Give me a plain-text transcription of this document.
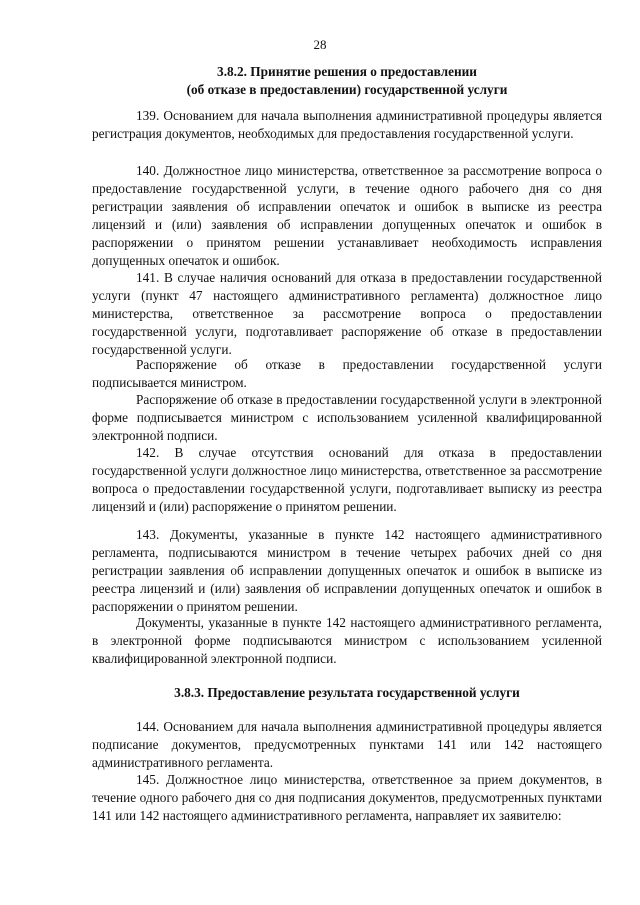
28
3.8.2. Принятие решения о предоставлении
(об отказе в предоставлении) государственной услуги

139. Основанием для начала выполнения административной процедуры является регистрация документов, необходимых для предоставления государственной услуги.

140. Должностное лицо министерства, ответственное за рассмотрение вопроса о предоставление государственной услуги, в течение одного рабочего дня со дня регистрации заявления об исправлении опечаток и ошибок в выписке из реестра лицензий и (или) заявления об исправлении допущенных опечаток и ошибок в распоряжении о принятом решении устанавливает необходимость исправления допущенных опечаток и ошибок.

141. В случае наличия оснований для отказа в предоставлении государственной услуги (пункт 47 настоящего административного регламента) должностное лицо министерства, ответственное за рассмотрение вопроса о предоставлении государственной услуги, подготавливает распоряжение об отказе в предоставлении государственной услуги.

Распоряжение об отказе в предоставлении государственной услуги подписывается министром.

Распоряжение об отказе в предоставлении государственной услуги в электронной форме подписывается министром с использованием усиленной квалифицированной электронной подписи.

142. В случае отсутствия оснований для отказа в предоставлении государственной услуги должностное лицо министерства, ответственное за рассмотрение вопроса о предоставлении государственной услуги, подготавливает выписку из реестра лицензий и (или) распоряжение о принятом решении.

143. Документы, указанные в пункте 142 настоящего административного регламента, подписываются министром в течение четырех рабочих дней со дня регистрации заявления об исправлении допущенных опечаток и ошибок в выписке из реестра лицензий и (или) заявления об исправлении допущенных опечаток и ошибок в распоряжении о принятом решении.

Документы, указанные в пункте 142 настоящего административного регламента, в электронной форме подписываются министром с использованием усиленной квалифицированной электронной подписи.

3.8.3. Предоставление результата государственной услуги

144. Основанием для начала выполнения административной процедуры является подписание документов, предусмотренных пунктами 141 или 142 настоящего административного регламента.

145. Должностное лицо министерства, ответственное за прием документов, в течение одного рабочего дня со дня подписания документов, предусмотренных пунктами 141 или 142 настоящего административного регламента, направляет их заявителю:
